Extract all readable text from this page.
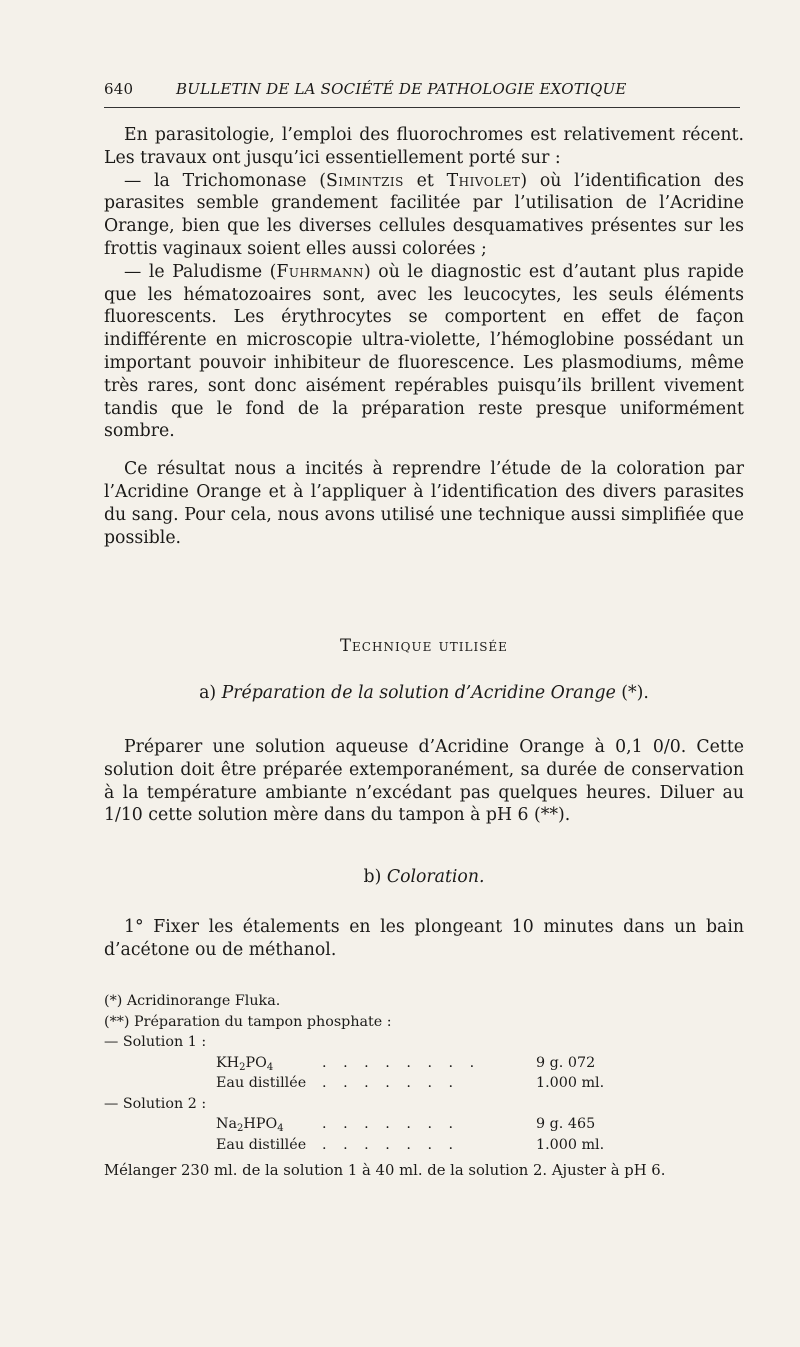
640	BULLETIN DE LA SOCIÉTÉ DE PATHOLOGIE EXOTIQUE

En parasitologie, l’emploi des fluorochromes est relativement récent. Les travaux ont jusqu’ici essentiellement porté sur :

— la Trichomonase (Simintzis et Thivolet) où l’identification des parasites semble grandement facilitée par l’utilisation de l’Acridine Orange, bien que les diverses cellules desquamatives présentes sur les frottis vaginaux soient elles aussi colorées ;

— le Paludisme (Fuhrmann) où le diagnostic est d’autant plus rapide que les hématozoaires sont, avec les leucocytes, les seuls éléments fluorescents. Les érythrocytes se comportent en effet de façon indifférente en microscopie ultra-violette, l’hémoglobine possédant un important pouvoir inhibiteur de fluorescence. Les plasmodiums, même très rares, sont donc aisément repérables puisqu’ils brillent vivement tandis que le fond de la préparation reste presque uniformément sombre.

Ce résultat nous a incités à reprendre l’étude de la coloration par l’Acridine Orange et à l’appliquer à l’identification des divers parasites du sang. Pour cela, nous avons utilisé une technique aussi simplifiée que possible.

Technique utilisée
a) Préparation de la solution d’Acridine Orange (*).

Préparer une solution aqueuse d’Acridine Orange à 0,1 0/0. Cette solution doit être préparée extemporanément, sa durée de conservation à la température ambiante n’excédant pas quelques heures. Diluer au 1/10 cette solution mère dans du tampon à pH 6 (**).

b) Coloration.

1° Fixer les étalements en les plongeant 10 minutes dans un bain d’acétone ou de méthanol.

(*) Acridinorange Fluka.
(**) Préparation du tampon phosphate :
— Solution 1 :
$KH_2PO_4$	. . . . . . . .	9 g. 072
Eau distillée . . . . . . .	1.000 ml.
— Solution 2 :
$Na_2HPO_4$	. . . . . . .	9 g. 465
Eau distillée . . . . . . .	1.000 ml.
Mélanger 230 ml. de la solution 1 à 40 ml. de la solution 2. Ajuster à pH 6.
